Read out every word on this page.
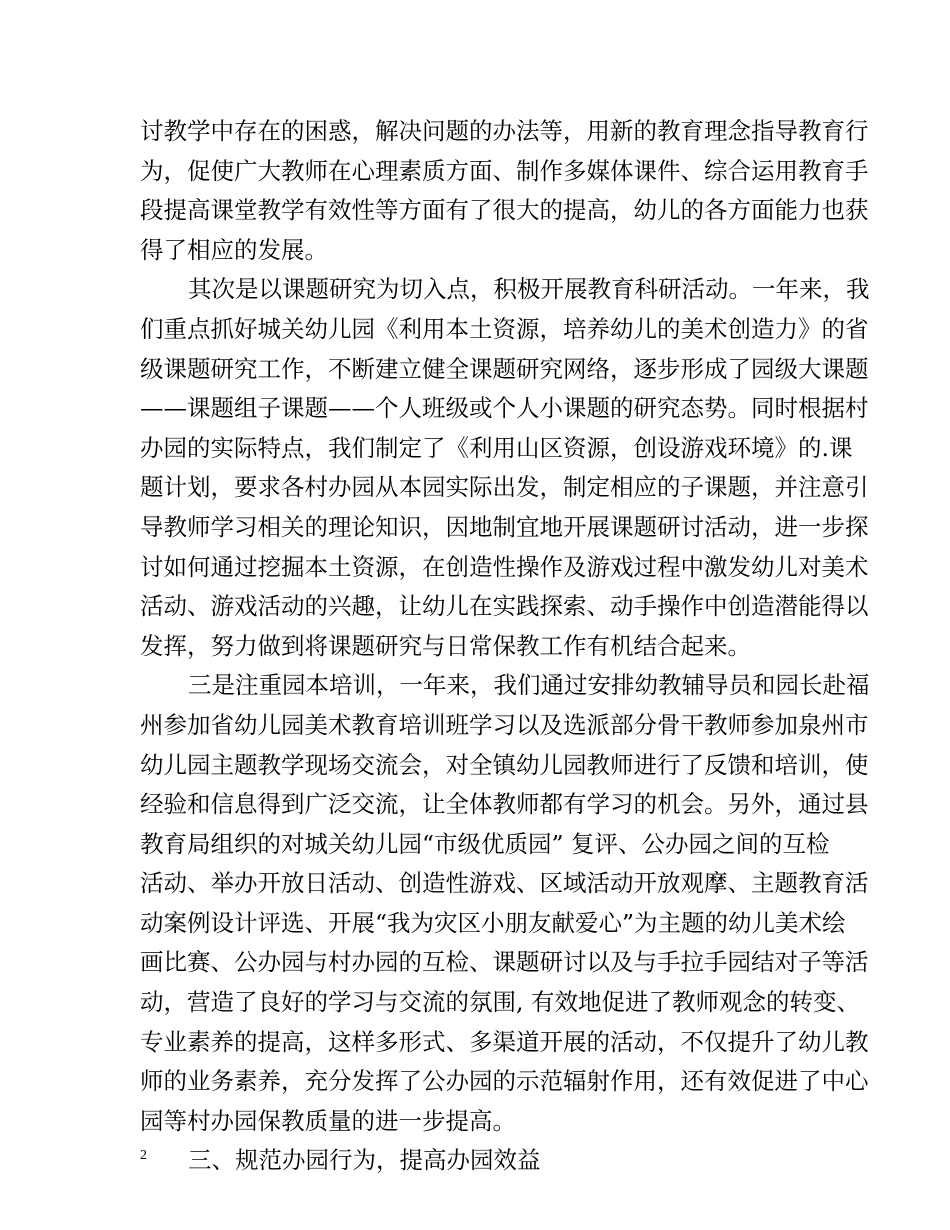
讨教学中存在的困惑，解决问题的办法等，用新的教育理念指导教育行
为，促使广大教师在心理素质方面、制作多媒体课件、综合运用教育手
段提高课堂教学有效性等方面有了很大的提高，幼儿的各方面能力也获
得了相应的发展。
其次是以课题研究为切入点，积极开展教育科研活动。一年来，我
们重点抓好城关幼儿园《利用本土资源，培养幼儿的美术创造力》的省
级课题研究工作，不断建立健全课题研究网络，逐步形成了园级大课题
——课题组子课题——个人班级或个人小课题的研究态势。同时根据村
办园的实际特点，我们制定了《利用山区资源，创设游戏环境》的.课
题计划，要求各村办园从本园实际出发，制定相应的子课题，并注意引
导教师学习相关的理论知识，因地制宜地开展课题研讨活动，进一步探
讨如何通过挖掘本土资源，在创造性操作及游戏过程中激发幼儿对美术
活动、游戏活动的兴趣，让幼儿在实践探索、动手操作中创造潜能得以
发挥，努力做到将课题研究与日常保教工作有机结合起来。
三是注重园本培训，一年来，我们通过安排幼教辅导员和园长赴福
州参加省幼儿园美术教育培训班学习以及选派部分骨干教师参加泉州市
幼儿园主题教学现场交流会，对全镇幼儿园教师进行了反馈和培训，使
经验和信息得到广泛交流，让全体教师都有学习的机会。另外，通过县
教育局组织的对城关幼儿园“市级优质园” 复评、公办园之间的互检
活动、举办开放日活动、创造性游戏、区域活动开放观摩、主题教育活
动案例设计评选、开展“我为灾区小朋友献爱心”为主题的幼儿美术绘
画比赛、公办园与村办园的互检、课题研讨以及与手拉手园结对子等活
动，营造了良好的学习与交流的氛围, 有效地促进了教师观念的转变、
专业素养的提高，这样多形式、多渠道开展的活动，不仅提升了幼儿教
师的业务素养，充分发挥了公办园的示范辐射作用，还有效促进了中心
园等村办园保教质量的进一步提高。
三、规范办园行为，提高办园效益
2
